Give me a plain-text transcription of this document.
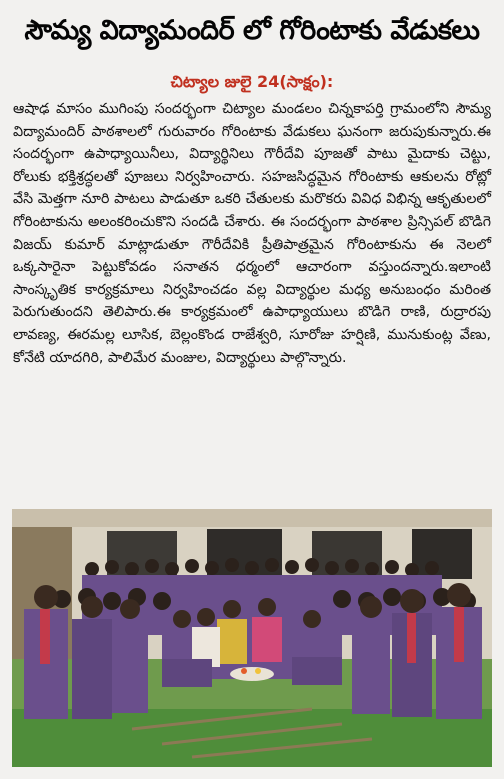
సౌమ్య విద్యామందిర్ లో గోరింటాకు వేడుకలు
చిట్యాల జులై 24(సాక్షం):
ఆషాఢ మాసం ముగింపు సందర్భంగా చిట్యాల మండలం చిన్నకాపర్తి గ్రామంలోని సౌమ్య విద్యామందిర్ పాఠశాలలో గురువారం గోరింటాకు వేడుకలు ఘనంగా జరుపుకున్నారు.ఈ సందర్భంగా ఉపాధ్యాయినీలు, విద్యార్థినిలు గౌరీదేవి పూజతో పాటు మైదాకు చెట్టు, రోలుకు భక్తిశ్రద్ధలతో పూజలు నిర్వహించారు. సహజసిద్ధమైన గోరింటాకు ఆకులను రోట్లో వేసి మెత్తగా నూరి పాటలు పాడుతూ ఒకరి చేతులకు మరొకరు వివిధ విభిన్న ఆకృతులలో గోరింటాకును అలంకరించుకొని సందడి చేశారు. ఈ సందర్భంగా పాఠశాల ప్రిన్సిపల్ బొడిగె విజయ్ కుమార్ మాట్లాడుతూ గౌరీదేవికి ప్రీతిపాత్రమైన గోరింటాకును ఈ నెలలో ఒక్కసారైనా పెట్టుకోవడం సనాతన ధర్మంలో ఆచారంగా వస్తుందన్నారు.ఇలాంటి సాంస్కృతిక కార్యక్రమాలు నిర్వహించడం వల్ల విద్యార్థుల మధ్య అనుబంధం మరింత పెరుగుతుందని తెలిపారు.ఈ కార్యక్రమంలో ఉపాధ్యాయులు బొడిగె రాణి, రుద్రారపు లావణ్య, ఈరమల్ల లూసిక, బెల్లంకొండ రాజేశ్వరి, సూరోజు హర్షిణి, మునుకుంట్ల వేణు, కోనేటి యాదగిరి, పాలిమేర మంజుల, విద్యార్థులు పాల్గొన్నారు.
